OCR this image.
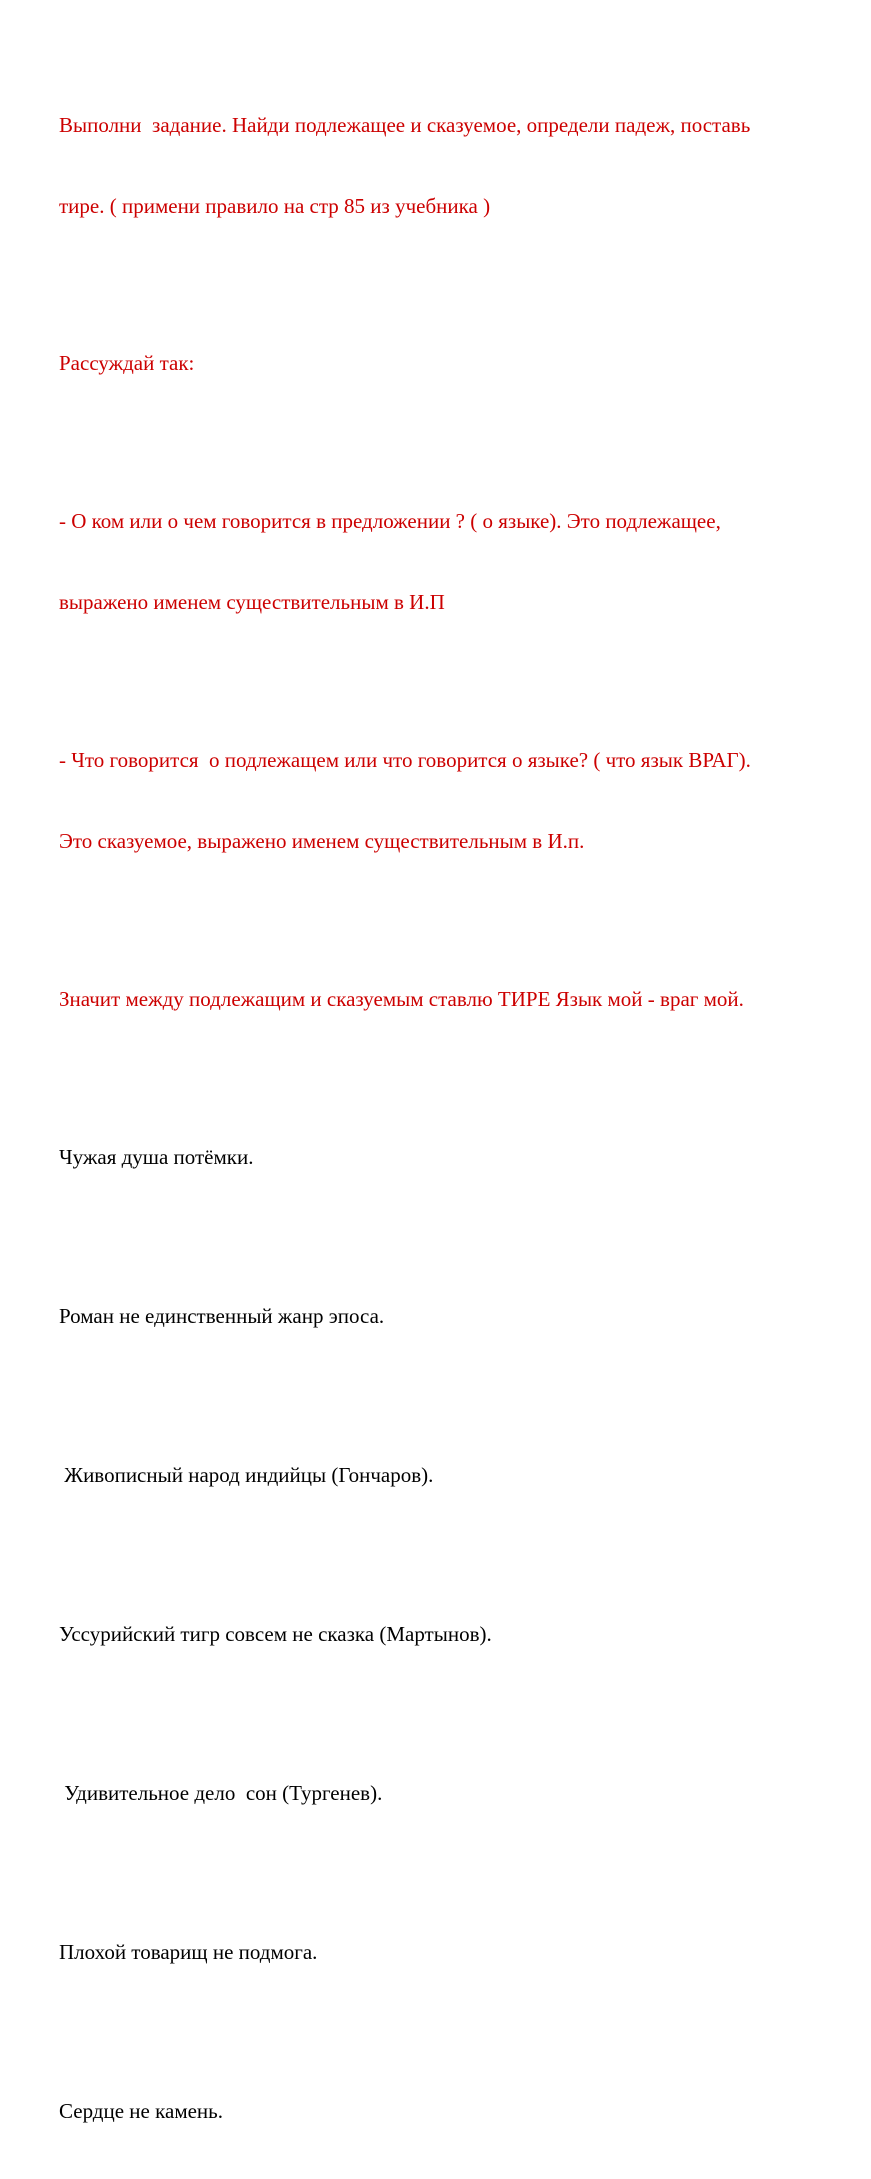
Выполни  задание. Найди подлежащее и сказуемое, определи падеж, поставь

тире. ( примени правило на стр 85 из учебника )

Рассуждай так:

- О ком или о чем говорится в предложении ? ( о языке). Это подлежащее,

выражено именем существительным в И.П

- Что говорится  о подлежащем или что говорится о языке? ( что язык ВРАГ).

Это сказуемое, выражено именем существительным в И.п.

Значит между подлежащим и сказуемым ставлю ТИРЕ Язык мой - враг мой.

Чужая душа потёмки.

Роман не единственный жанр эпоса.

Живописный народ индийцы (Гончаров).

Уссурийский тигр совсем не сказка (Мартынов).

Удивительное дело  сон (Тургенев).

Плохой товарищ не подмога.

Сердце не камень.
